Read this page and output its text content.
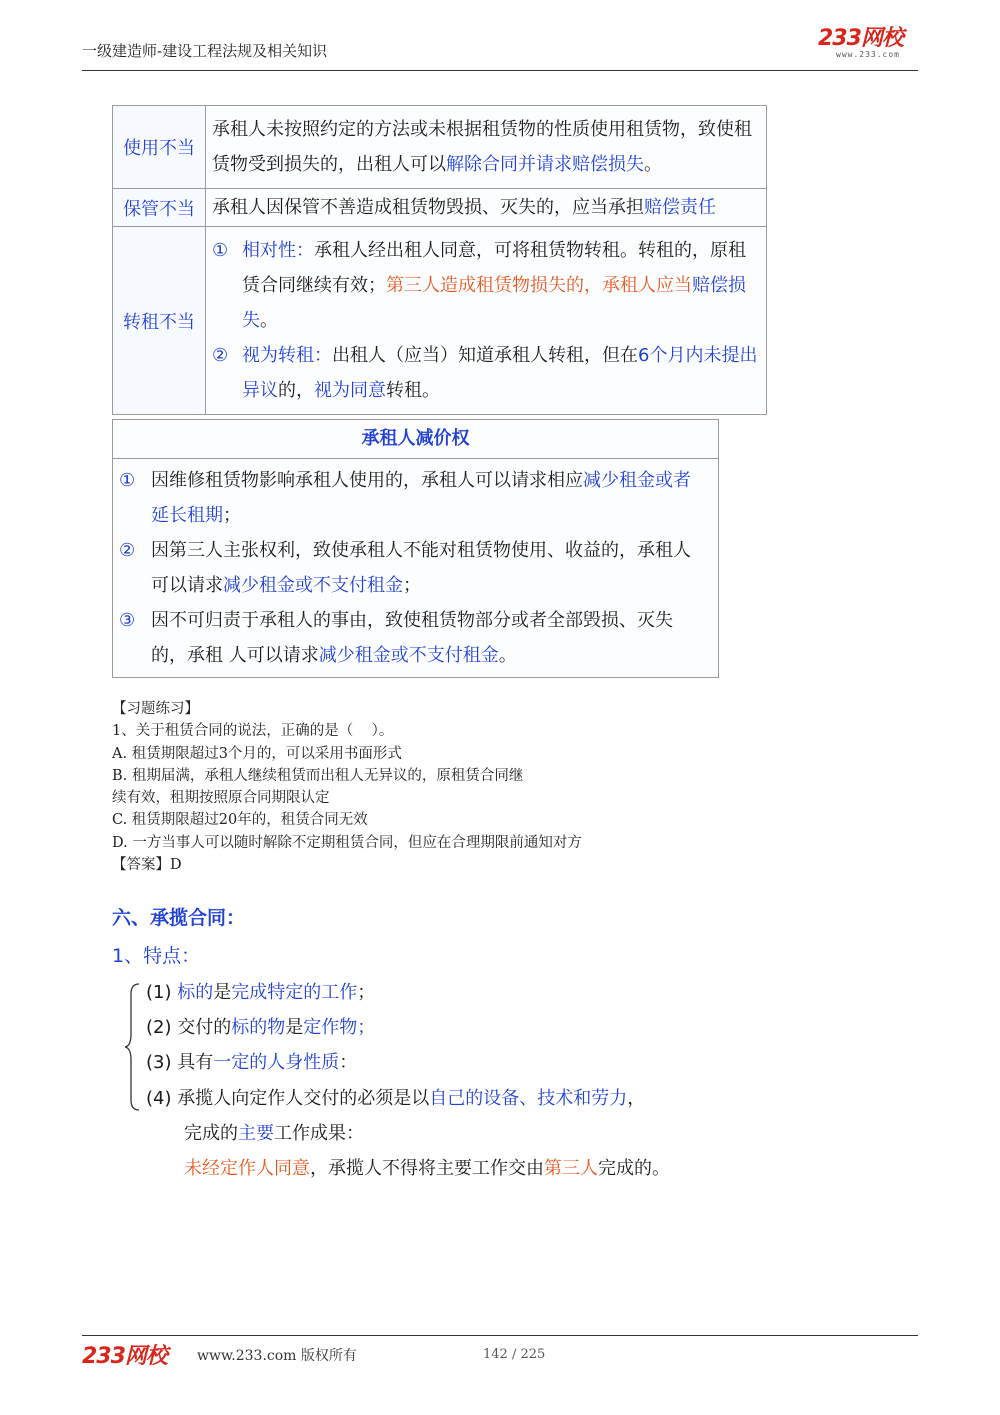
一级建造师-建设工程法规及相关知识	233网校
www.233.com
使用不当	承租人未按照约定的方法或未根据租赁物的性质使用租赁物，致使租赁物受到损失的，出租人可以解除合同并请求赔偿损失。
保管不当	承租人因保管不善造成租赁物毁损、灭失的，应当承担赔偿责任
转租不当	① 相对性：承租人经出租人同意，可将租赁物转租。转租的，原租赁合同继续有效；第三人造成租赁物损失的，承租人应当赔偿损失。
② 视为转租：出租人（应当）知道承租人转租，但在6个月内未提出异议的，视为同意转租。
承租人减价权
① 因维修租赁物影响承租人使用的，承租人可以请求相应减少租金或者延长租期；
② 因第三人主张权利，致使承租人不能对租赁物使用、收益的，承租人可以请求减少租金或不支付租金；
③ 因不可归责于承租人的事由，致使租赁物部分或者全部毁损、灭失的，承租 人可以请求减少租金或不支付租金。
【习题练习】
1、关于租赁合同的说法，正确的是（    ）。
A. 租赁期限超过3个月的，可以采用书面形式
B. 租期届满，承租人继续租赁而出租人无异议的，原租赁合同继
续有效，租期按照原合同期限认定
C. 租赁期限超过20年的，租赁合同无效
D. 一方当事人可以随时解除不定期租赁合同，但应在合理期限前通知对方
【答案】D
六、承揽合同：
1、特点：
(1) 标的是完成特定的工作；
(2) 交付的标的物是定作物；
(3) 具有一定的人身性质：
(4) 承揽人向定作人交付的必须是以自己的设备、技术和劳力，
完成的主要工作成果：
未经定作人同意，承揽人不得将主要工作交由第三人完成的。
233网校 www.233.com 版权所有	142 / 225
